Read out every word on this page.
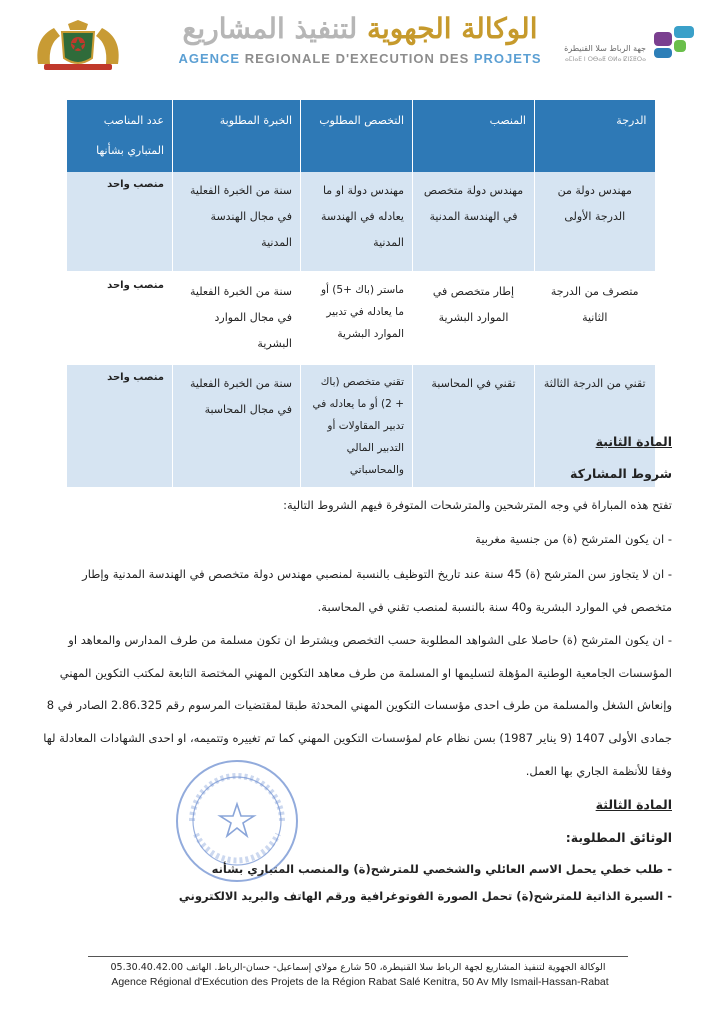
الوكالة الجهوية لتنفيذ المشاريع
AGENCE REGIONALE D'EXECUTION DES PROJETS
جهة الرباط سلا القنيطرة
ⴰⵎⵏⴰⴹ ⵏ ⵔⴱⴰⵟ ⵙⵍⴰ ⵇⵏⵉⵟⵔⴰ
الدرجة	المنصب	التخصص المطلوب	الخبرة المطلوبة	عدد المناصب المتباري بشأنها
مهندس دولة من الدرجة الأولى	مهندس دولة متخصص في الهندسة المدنية	مهندس دولة او ما يعادله في الهندسة المدنية	سنة من الخبرة الفعلية في مجال الهندسة المدنية	منصب واحد
متصرف من الدرجة الثانية	إطار متخصص في الموارد البشرية	ماستر (باك +5) أو ما يعادله في تدبير الموارد البشرية	سنة من الخبرة الفعلية في مجال الموارد البشرية	منصب واحد
تقني من الدرجة الثالثة	تقني في المحاسبة	تقني متخصص (باك + 2) أو ما يعادله في تدبير المقاولات أو التدبير المالي والمحاسباتي	سنة من الخبرة الفعلية في مجال المحاسبة	منصب واحد
المادة الثانية
شروط المشاركة
تفتح هذه المباراة في وجه المترشحين والمترشحات المتوفرة فيهم الشروط التالية:
- ان يكون المترشح (ة) من جنسية مغربية
- ان لا يتجاوز سن المترشح (ة) 45 سنة عند تاريخ التوظيف بالنسبة لمنصبي مهندس دولة متخصص في الهندسة المدنية وإطار
متخصص في الموارد البشرية و40 سنة بالنسبة لمنصب تقني في المحاسبة.
- ان يكون المترشح (ة) حاصلا على الشواهد المطلوبة حسب التخصص ويشترط ان تكون مسلمة من طرف المدارس والمعاهد او
المؤسسات الجامعية الوطنية المؤهلة لتسليمها او المسلمة من طرف معاهد التكوين المهني المختصة التابعة لمكتب التكوين المهني
وإنعاش الشغل والمسلمة من طرف احدى مؤسسات التكوين المهني المحدثة طبقا لمقتضيات المرسوم رقم 2.86.325 الصادر في 8
جمادى الأولى 1407 (9 يناير 1987) بسن نظام عام لمؤسسات التكوين المهني كما تم تغييره وتتميمه، او احدى الشهادات المعادلة لها
وفقا للأنظمة الجاري بها العمل.
المادة الثالثة
الوثائق المطلوبة:
- طلب خطي يحمل الاسم العائلي والشخصي للمترشح(ة) والمنصب المتباري بشأنه
- السيرة الذاتية للمترشح(ة) تحمل الصورة الفوتوغرافية ورقم الهاتف والبريد الالكتروني
الوكالة الجهوية لتنفيذ المشاريع لجهة الرباط سلا القنيطرة، 50 شارع مولاي إسماعيل- حسان-الرباط. الهاتف 05.30.40.42.00
Agence Régional d'Exécution des Projets de la Région Rabat Salé Kenitra, 50 Av Mly Ismail-Hassan-Rabat
